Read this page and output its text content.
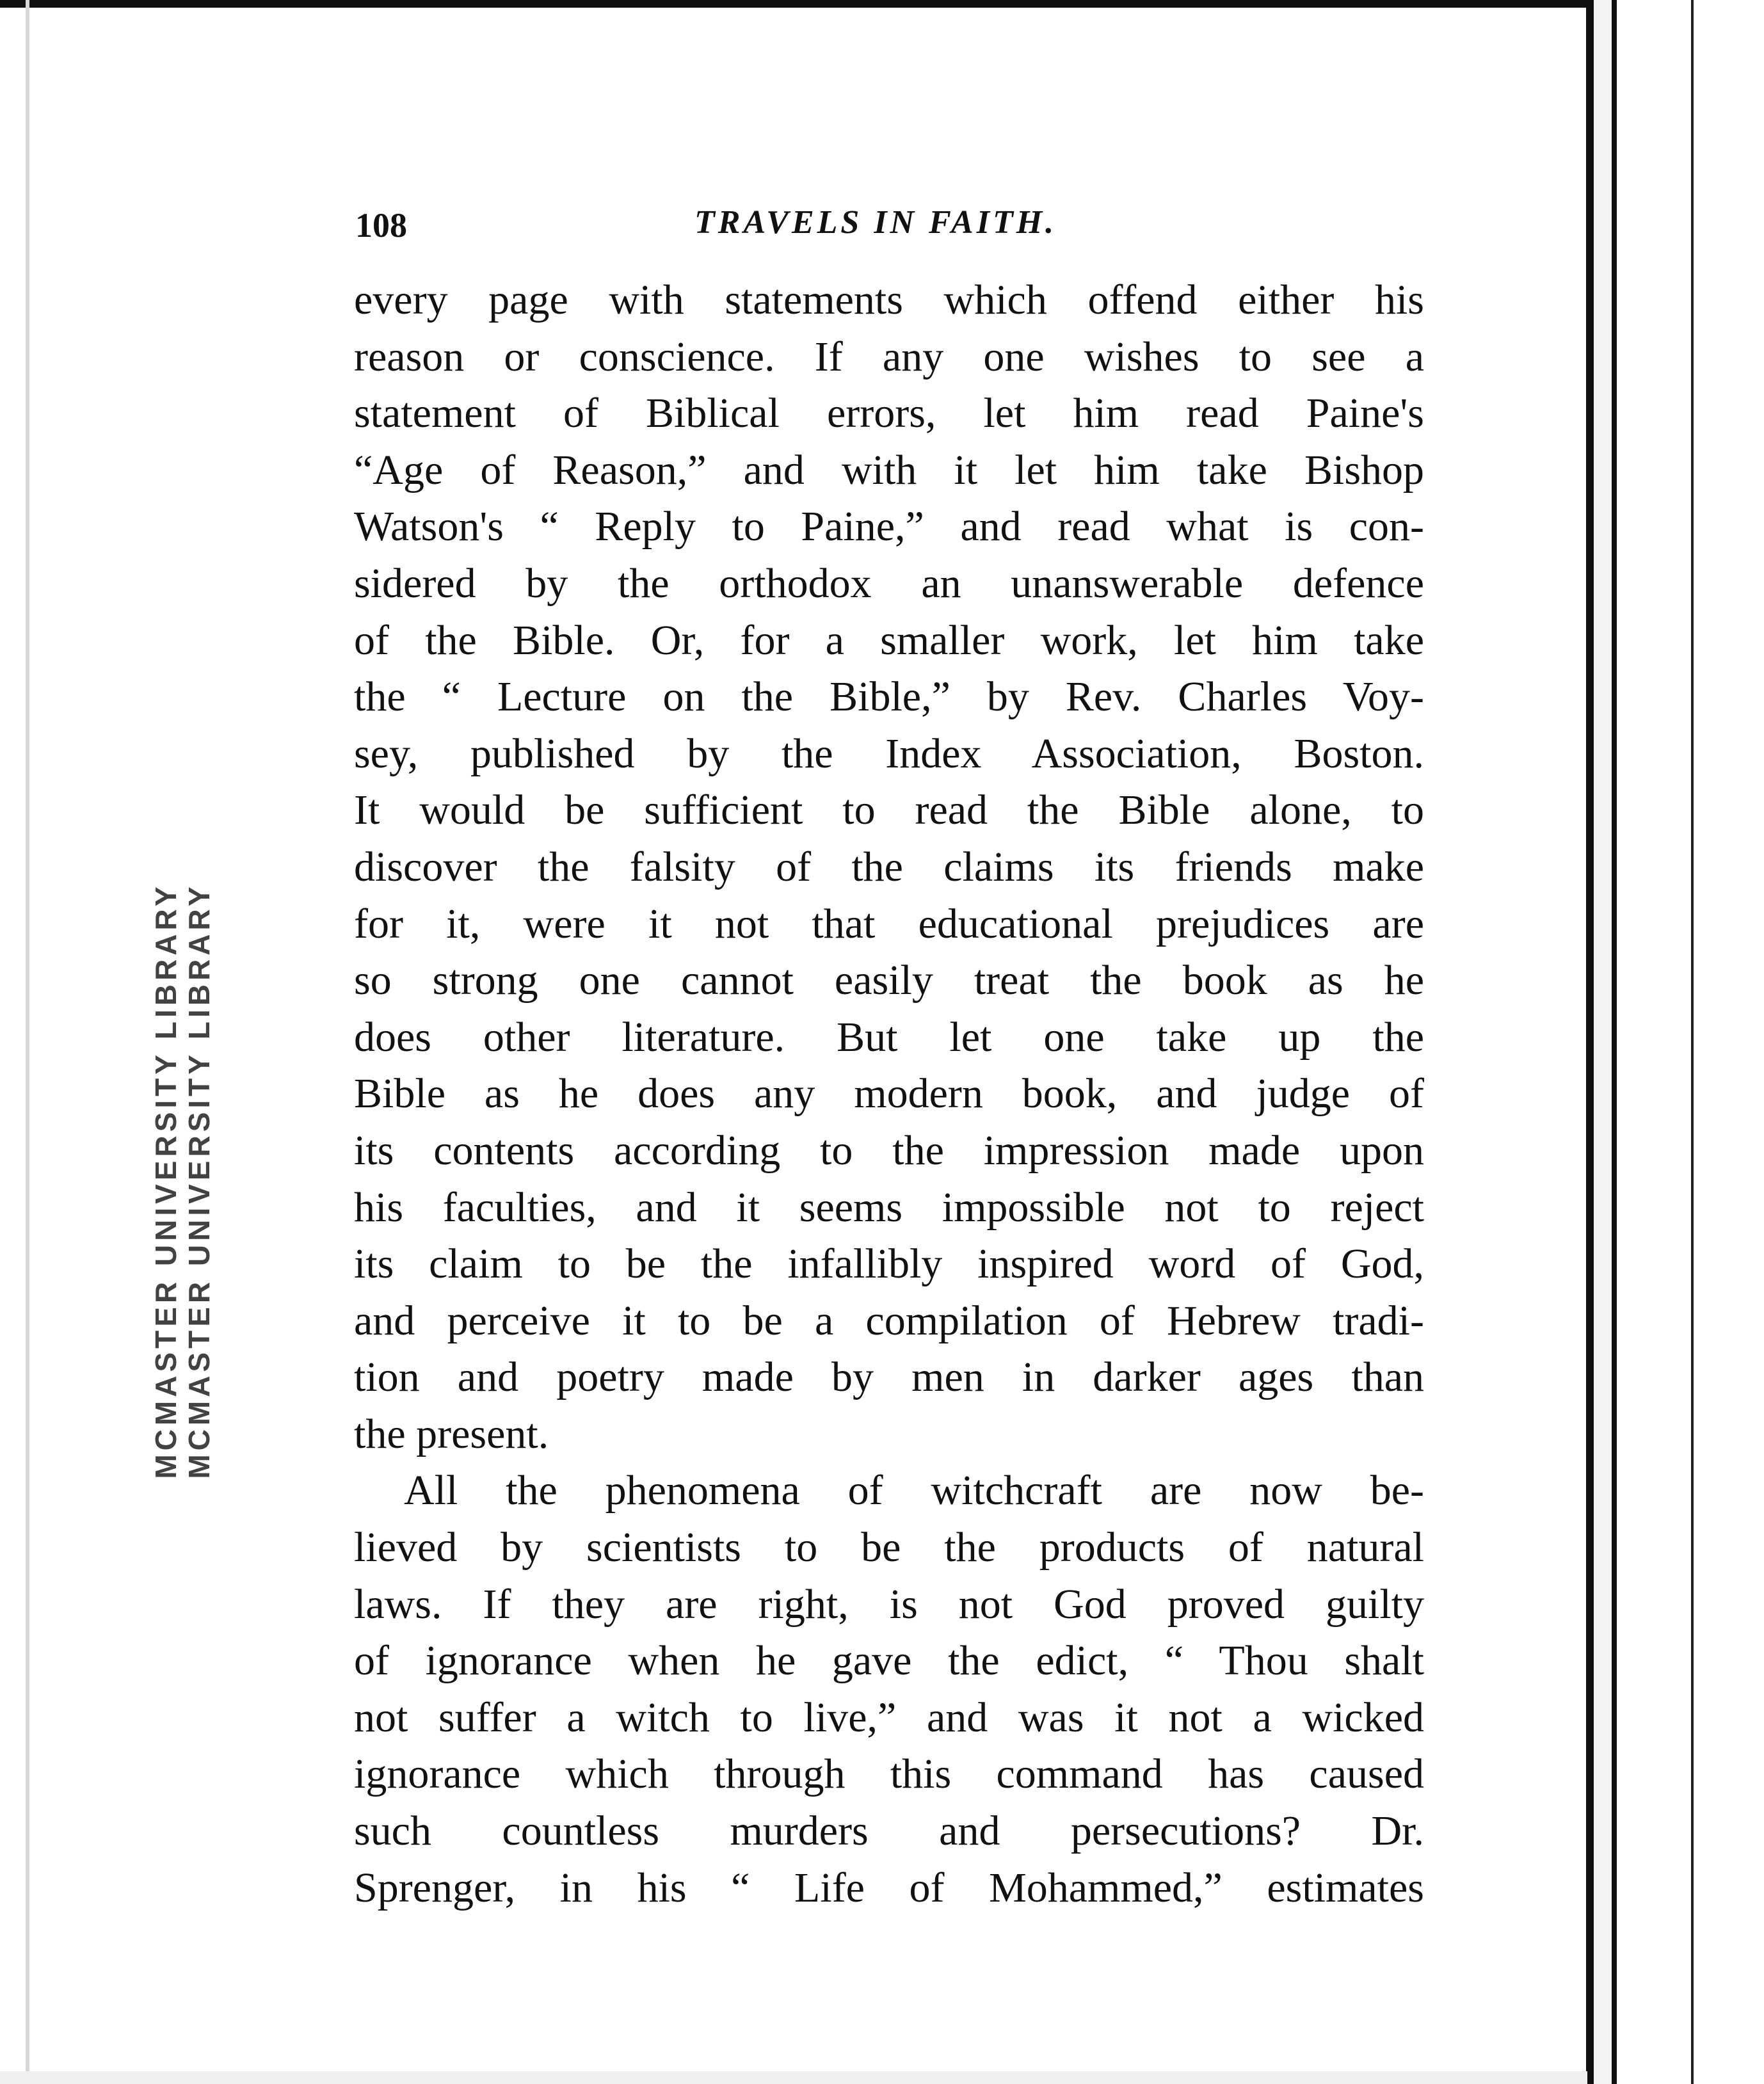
MCMASTER UNIVERSITY LIBRARY MCMASTER UNIVERSITY LIBRARY
108	TRAVELS IN FAITH.
every page with statements which offend either his
reason or conscience. If any one wishes to see a
statement of Biblical errors, let him read Paine's
“Age of Reason,” and with it let him take Bishop
Watson's “ Reply to Paine,” and read what is con-
sidered by the orthodox an unanswerable defence
of the Bible. Or, for a smaller work, let him take
the “ Lecture on the Bible,” by Rev. Charles Voy-
sey, published by the Index Association, Boston.
It would be sufficient to read the Bible alone, to
discover the falsity of the claims its friends make
for it, were it not that educational prejudices are
so strong one cannot easily treat the book as he
does other literature. But let one take up the
Bible as he does any modern book, and judge of
its contents according to the impression made upon
his faculties, and it seems impossible not to reject
its claim to be the infallibly inspired word of God,
and perceive it to be a compilation of Hebrew tradi-
tion and poetry made by men in darker ages than
the present.
All the phenomena of witchcraft are now be-
lieved by scientists to be the products of natural
laws. If they are right, is not God proved guilty
of ignorance when he gave the edict, “ Thou shalt
not suffer a witch to live,” and was it not a wicked
ignorance which through this command has caused
such countless murders and persecutions? Dr.
Sprenger, in his “ Life of Mohammed,” estimates
